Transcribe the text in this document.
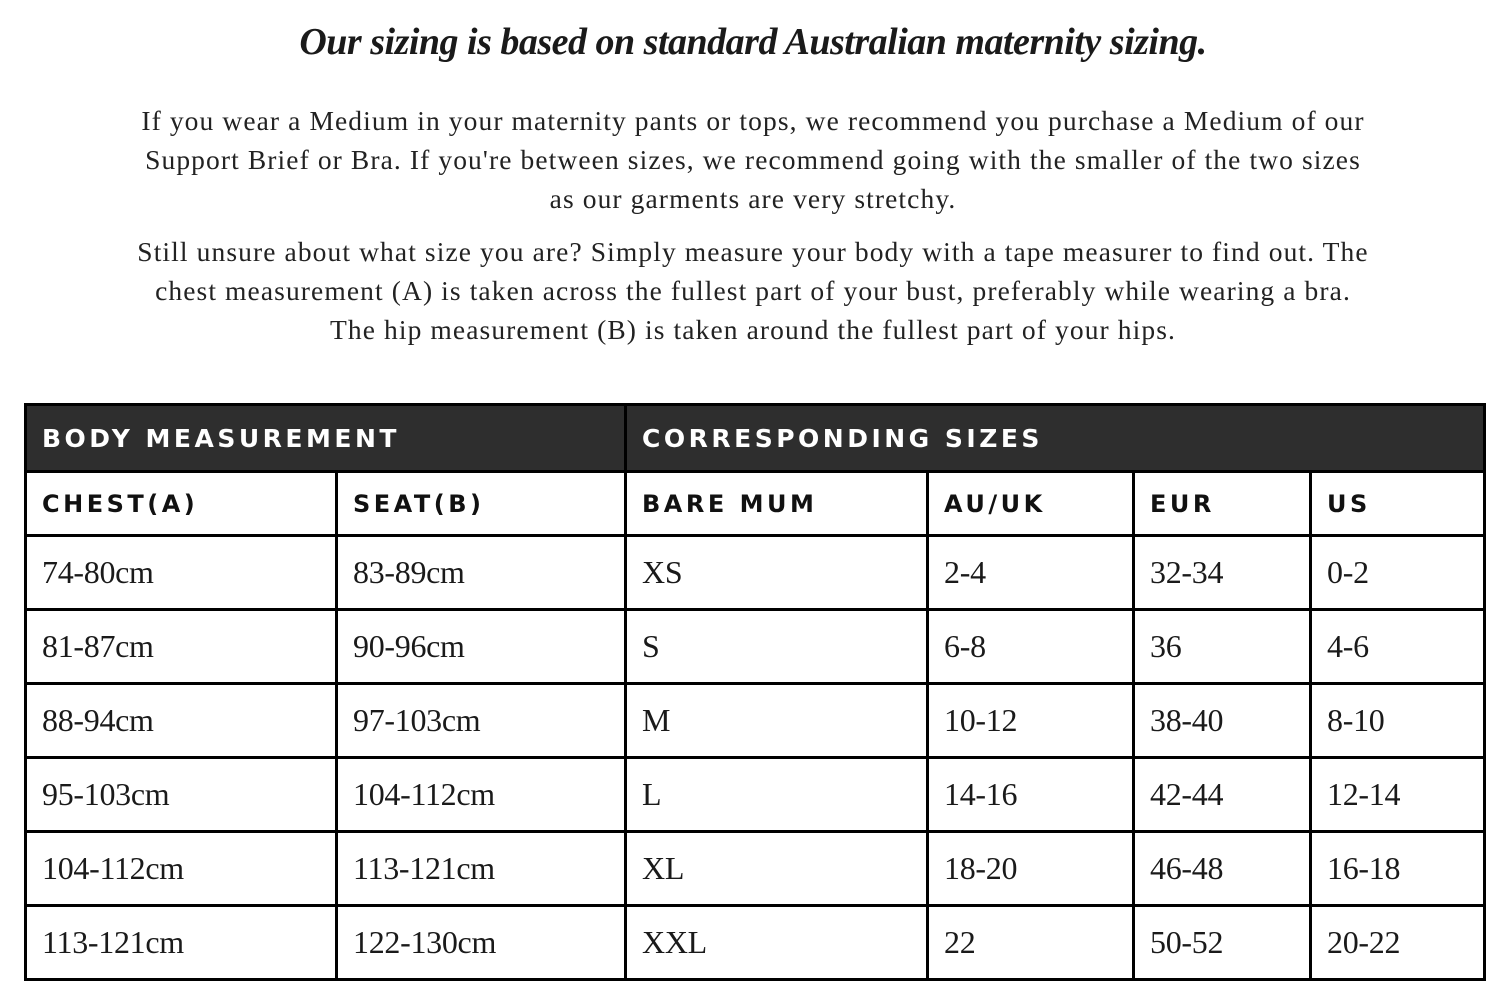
Our sizing is based on standard Australian maternity sizing.

If you wear a Medium in your maternity pants or tops, we recommend you purchase a Medium of our
Support Brief or Bra. If you're between sizes, we recommend going with the smaller of the two sizes
as our garments are very stretchy.

Still unsure about what size you are? Simply measure your body with a tape measurer to find out. The
chest measurement (A) is taken across the fullest part of your bust, preferably while wearing a bra.
The hip measurement (B) is taken around the fullest part of your hips.

BODY MEASUREMENT		CORRESPONDING SIZES			
CHEST(A)	SEAT(B)	BARE MUM	AU/UK	EUR	US
74-80cm	83-89cm	XS	2-4	32-34	0-2
81-87cm	90-96cm	S	6-8	36	4-6
88-94cm	97-103cm	M	10-12	38-40	8-10
95-103cm	104-112cm	L	14-16	42-44	12-14
104-112cm	113-121cm	XL	18-20	46-48	16-18
113-121cm	122-130cm	XXL	22	50-52	20-22
